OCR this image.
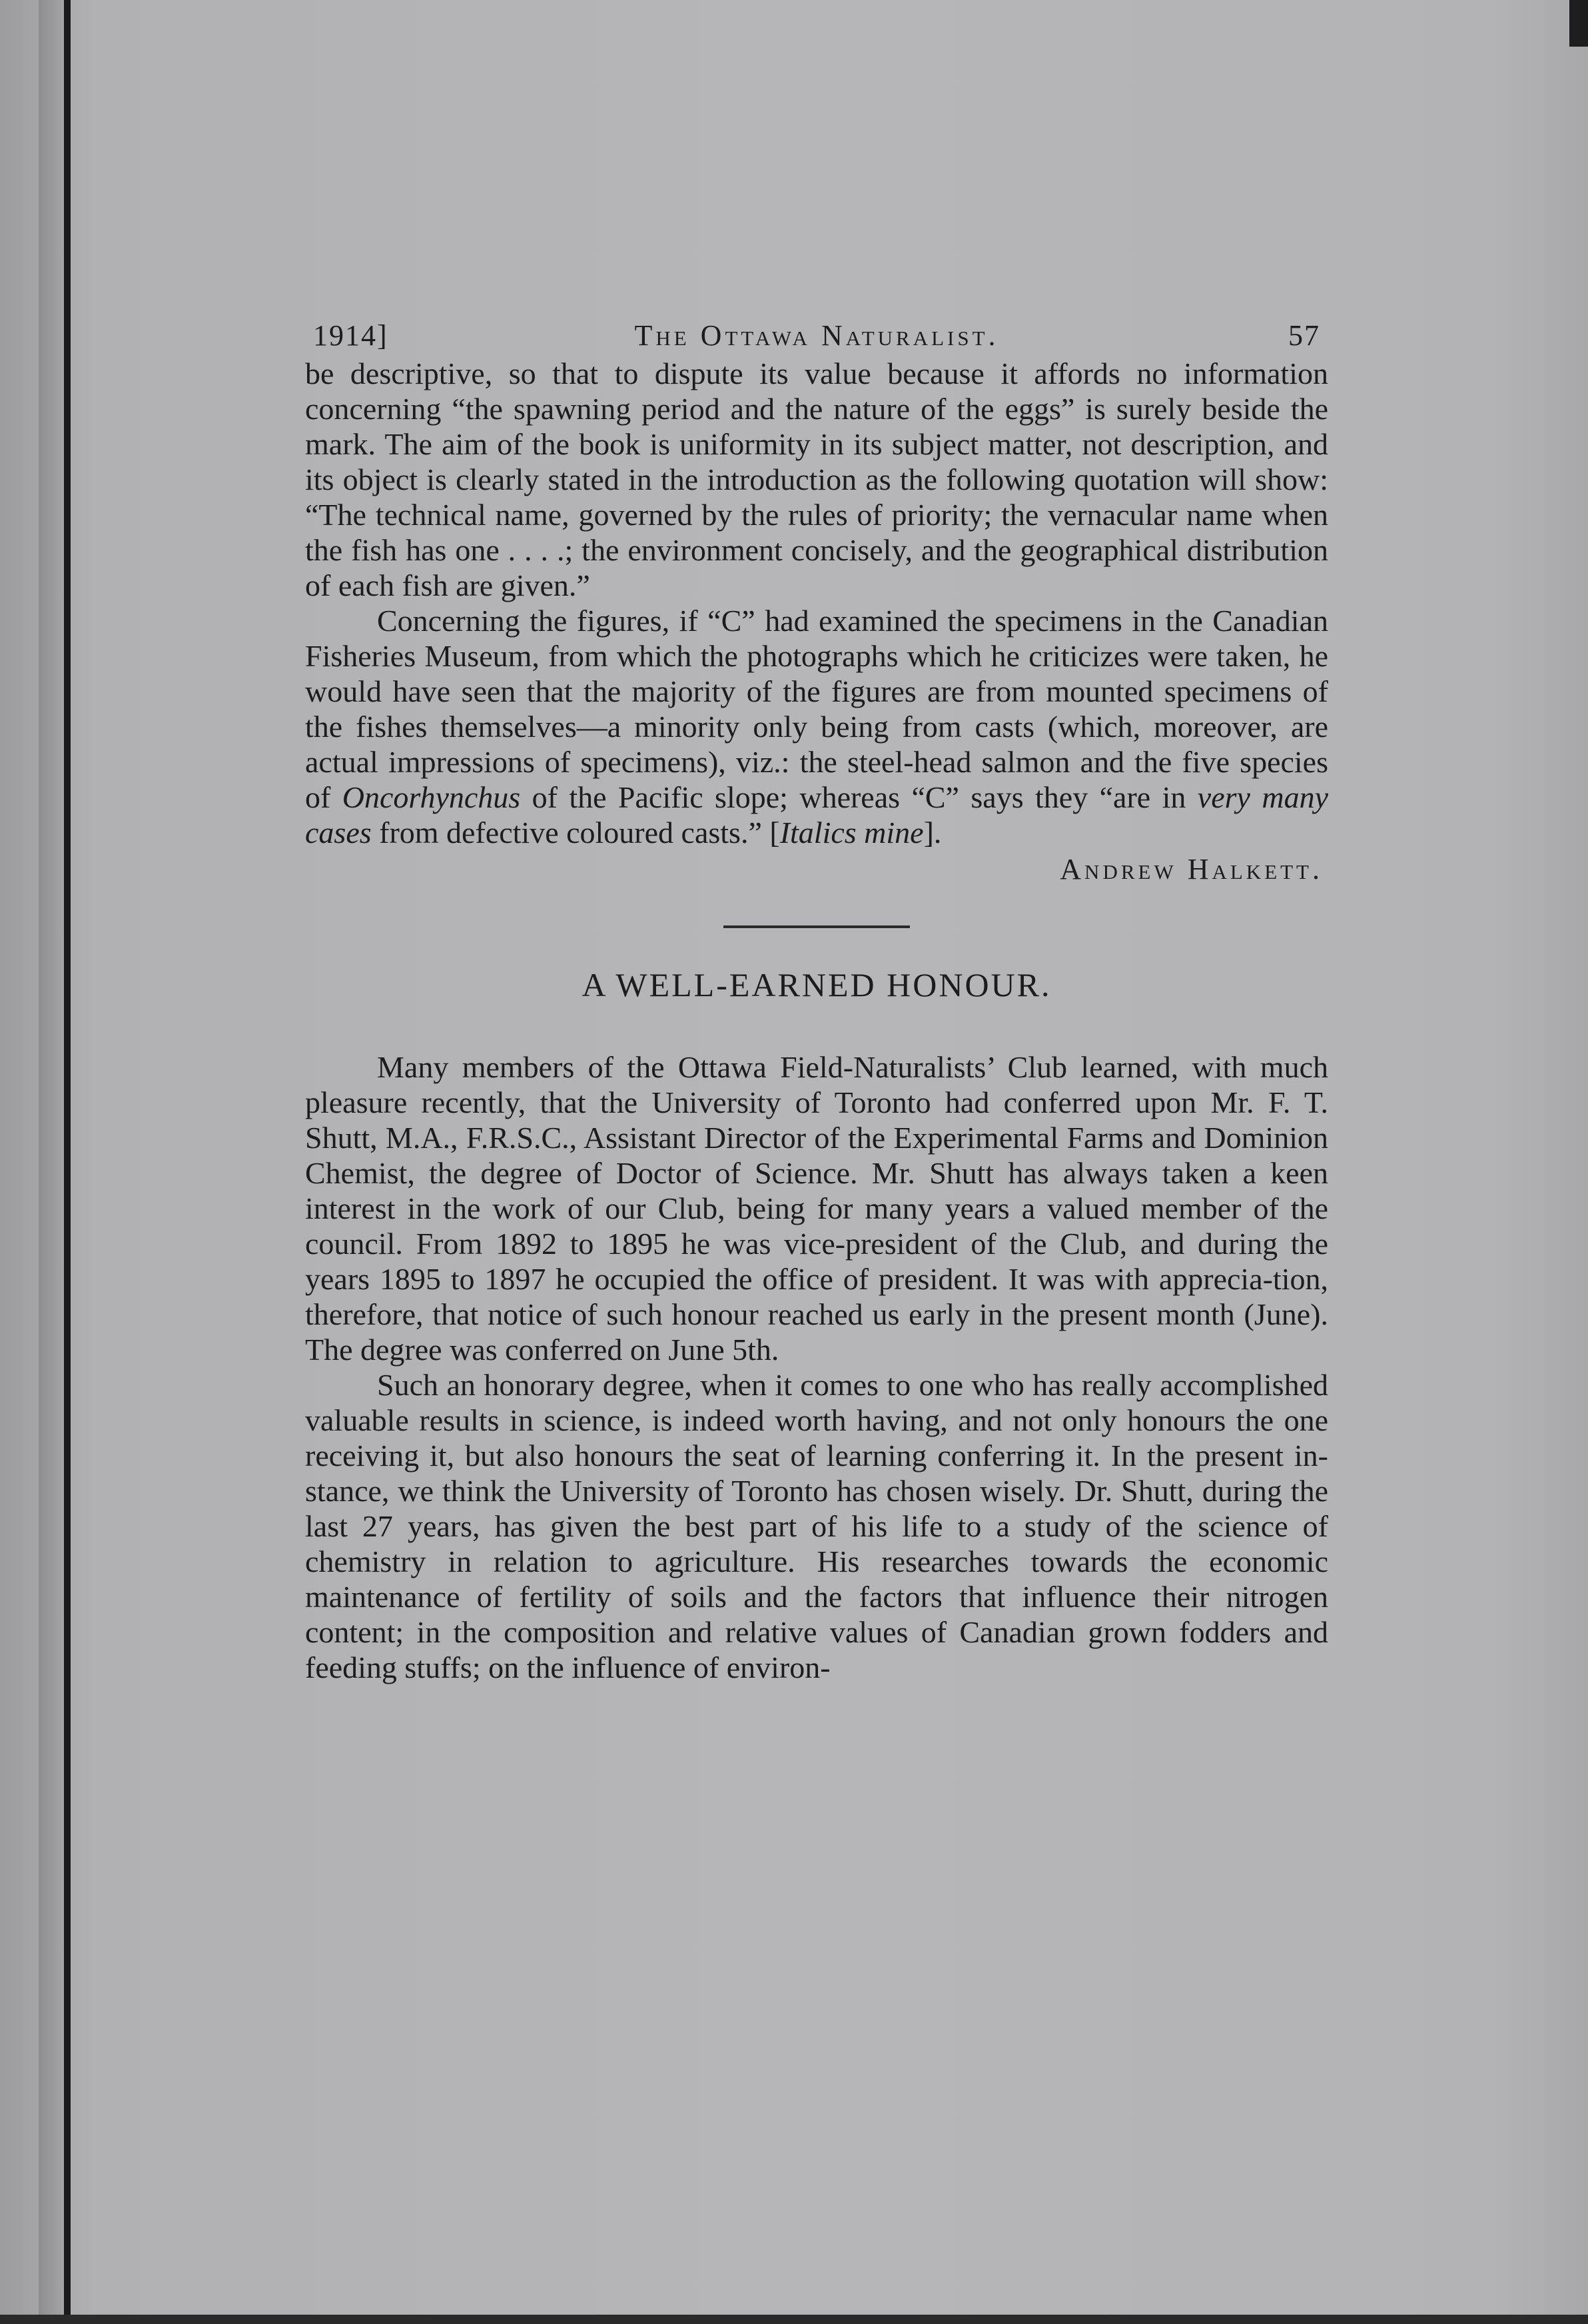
1914]	The Ottawa Naturalist.	57

be descriptive, so that to dispute its value because it affords no information concerning “the spawning period and the nature of the eggs” is surely beside the mark. The aim of the book is uniformity in its subject matter, not description, and its object is clearly stated in the introduction as the following quotation will show: “The technical name, governed by the rules of priority; the vernacular name when the fish has one . . . .; the environment concisely, and the geographical distribution of each fish are given.”

Concerning the figures, if “C” had examined the specimens in the Canadian Fisheries Museum, from which the photographs which he criticizes were taken, he would have seen that the majority of the figures are from mounted specimens of the fishes themselves—a minority only being from casts (which, moreover, are actual impressions of specimens), viz.: the steel-head salmon and the five species of Oncorhynchus of the Pacific slope; whereas “C” says they “are in very many cases from defective coloured casts.” [Italics mine].

Andrew Halkett.

A WELL-EARNED HONOUR.

Many members of the Ottawa Field-Naturalists’ Club learned, with much pleasure recently, that the University of Toronto had conferred upon Mr. F. T. Shutt, M.A., F.R.S.C., Assistant Director of the Experimental Farms and Dominion Chemist, the degree of Doctor of Science. Mr. Shutt has always taken a keen interest in the work of our Club, being for many years a valued member of the council. From 1892 to 1895 he was vice-president of the Club, and during the years 1895 to 1897 he occupied the office of president. It was with apprecia-tion, therefore, that notice of such honour reached us early in the present month (June). The degree was conferred on June 5th.

Such an honorary degree, when it comes to one who has really accomplished valuable results in science, is indeed worth having, and not only honours the one receiving it, but also honours the seat of learning conferring it. In the present in-stance, we think the University of Toronto has chosen wisely. Dr. Shutt, during the last 27 years, has given the best part of his life to a study of the science of chemistry in relation to agriculture. His researches towards the economic maintenance of fertility of soils and the factors that influence their nitrogen content; in the composition and relative values of Canadian grown fodders and feeding stuffs; on the influence of environ-
